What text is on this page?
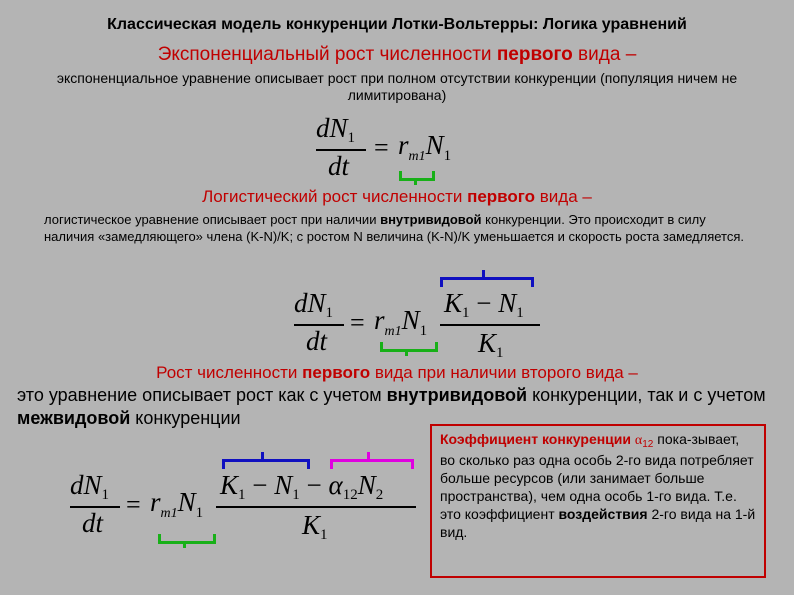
Классическая модель конкуренции Лотки-Вольтерры: Логика уравнений
Экспоненциальный рост численности первого вида –
экспоненциальное уравнение описывает рост при полном отсутствии конкуренции (популяция ничем не лимитирована)
dN1
dt
= $r_{m1}N_1$
Логистический рост численности первого вида –
логистическое уравнение описывает рост при наличии внутривидовой конкуренции. Это происходит в силу наличия «замедляющего» члена (K-N)/K; с ростом N величина (K-N)/K уменьшается и скорость роста замедляется.
dN1
dt
= $r_{m1}N_1$
K1 − N1
K1
Рост численности первого вида при наличии второго вида –
это уравнение описывает рост как с учетом внутривидовой конкуренции, так и с учетом межвидовой конкуренции
dN1
dt
= $r_{m1}N_1$
K1 − N1 − α12N2
K1
Коэффициент конкуренции $\alpha_{12}$ пока-зывает, во сколько раз одна особь 2-го вида потребляет больше ресурсов (или занимает больше пространства), чем одна особь 1-го вида. Т.е. это коэффициент воздействия 2-го вида на 1-й вид.
